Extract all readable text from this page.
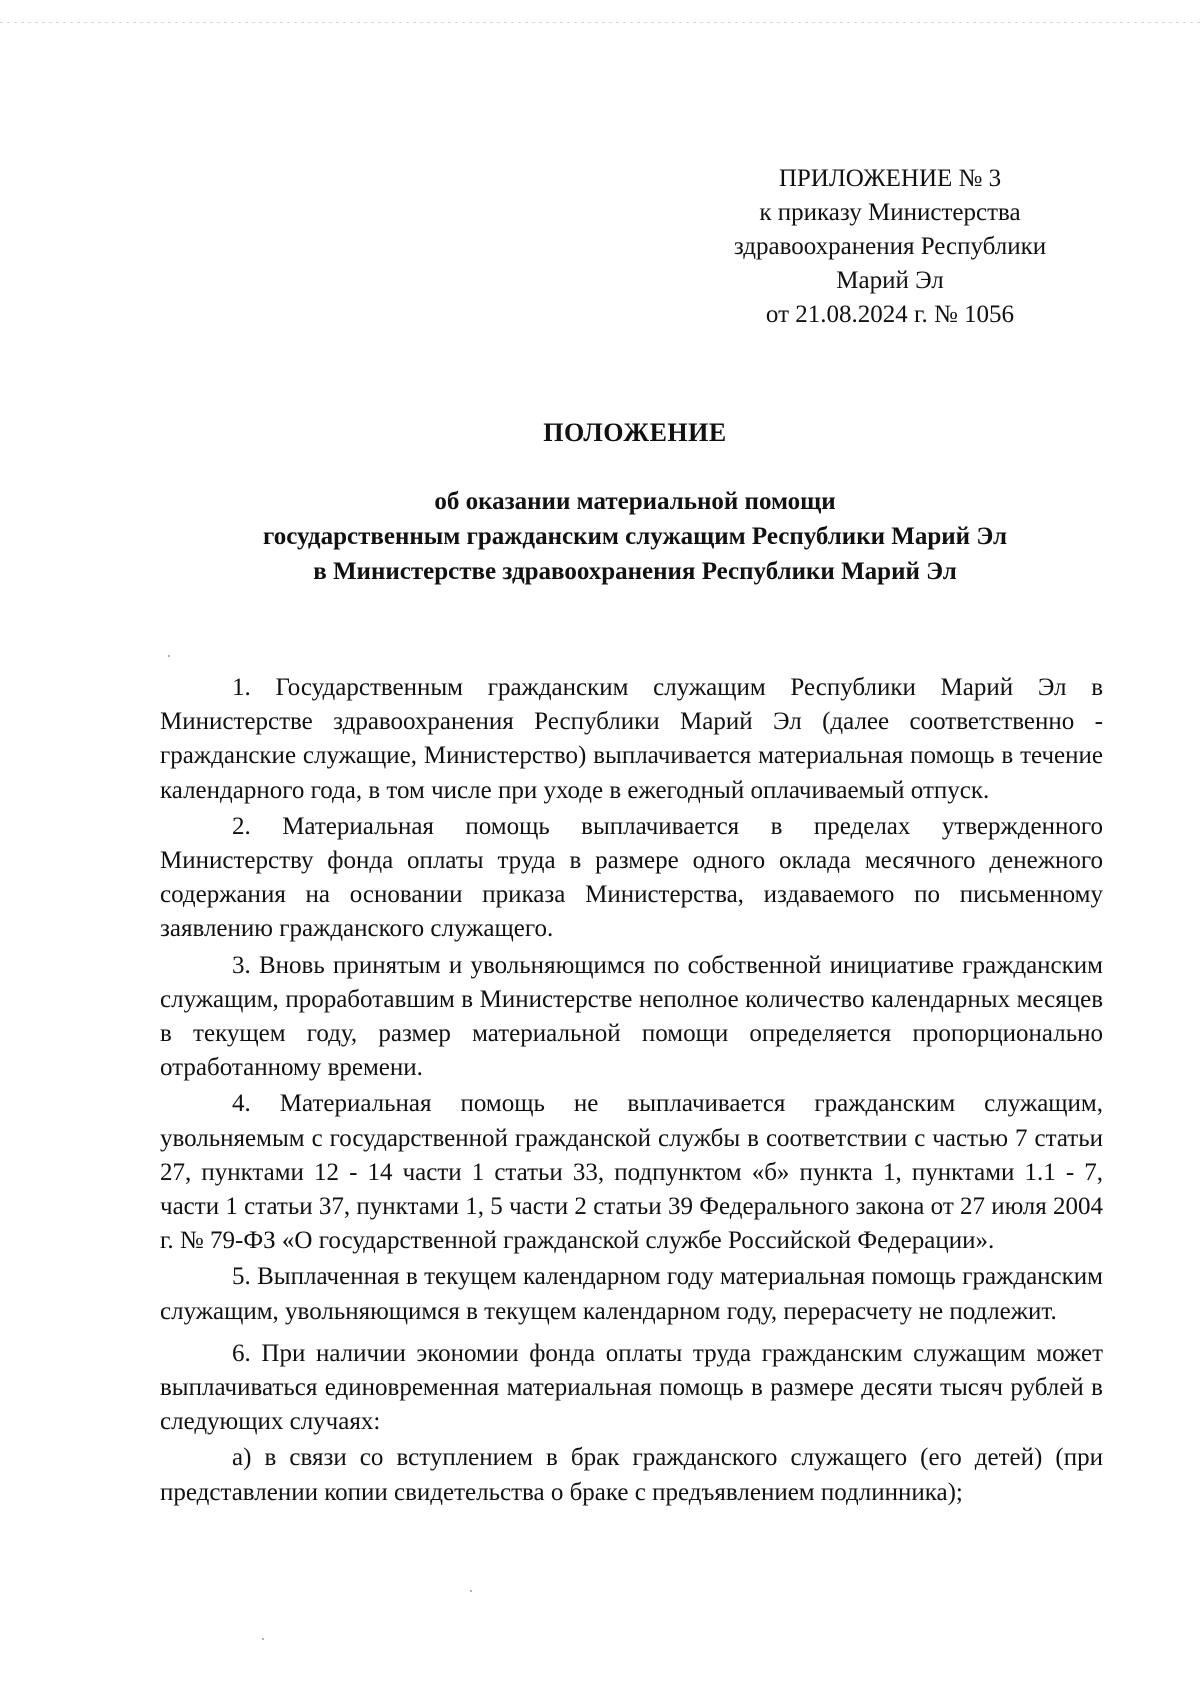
ПРИЛОЖЕНИЕ № 3
к приказу Министерства
здравоохранения Республики
Марий Эл
от 21.08.2024 г. № 1056
ПОЛОЖЕНИЕ
об оказании материальной помощи
государственным гражданским служащим Республики Марий Эл
в Министерстве здравоохранения Республики Марий Эл

1. Государственным гражданским служащим Республики Марий Эл в Министерстве здравоохранения Республики Марий Эл (далее соответственно - гражданские служащие, Министерство) выплачивается материальная помощь в течение календарного года, в том числе при уходе в ежегодный оплачиваемый отпуск.

2. Материальная помощь выплачивается в пределах утвержденного Министерству фонда оплаты труда в размере одного оклада месячного денежного содержания на основании приказа Министерства, издаваемого по письменному заявлению гражданского служащего.

3. Вновь принятым и увольняющимся по собственной инициативе гражданским служащим, проработавшим в Министерстве неполное количество календарных месяцев в текущем году, размер материальной помощи определяется пропорционально отработанному времени.

4. Материальная помощь не выплачивается гражданским служащим, увольняемым с государственной гражданской службы в соответствии с частью 7 статьи 27, пунктами 12 - 14 части 1 статьи 33, подпунктом «б» пункта 1, пунктами 1.1 - 7, части 1 статьи 37, пунктами 1, 5 части 2 статьи 39 Федерального закона от 27 июля 2004 г. № 79-ФЗ «О государственной гражданской службе Российской Федерации».

5. Выплаченная в текущем календарном году материальная помощь гражданским служащим, увольняющимся в текущем календарном году, перерасчету не подлежит.

6. При наличии экономии фонда оплаты труда гражданским служащим может выплачиваться единовременная материальная помощь в размере десяти тысяч рублей в следующих случаях:

а) в связи со вступлением в брак гражданского служащего (его детей) (при представлении копии свидетельства о браке с предъявлением подлинника);
